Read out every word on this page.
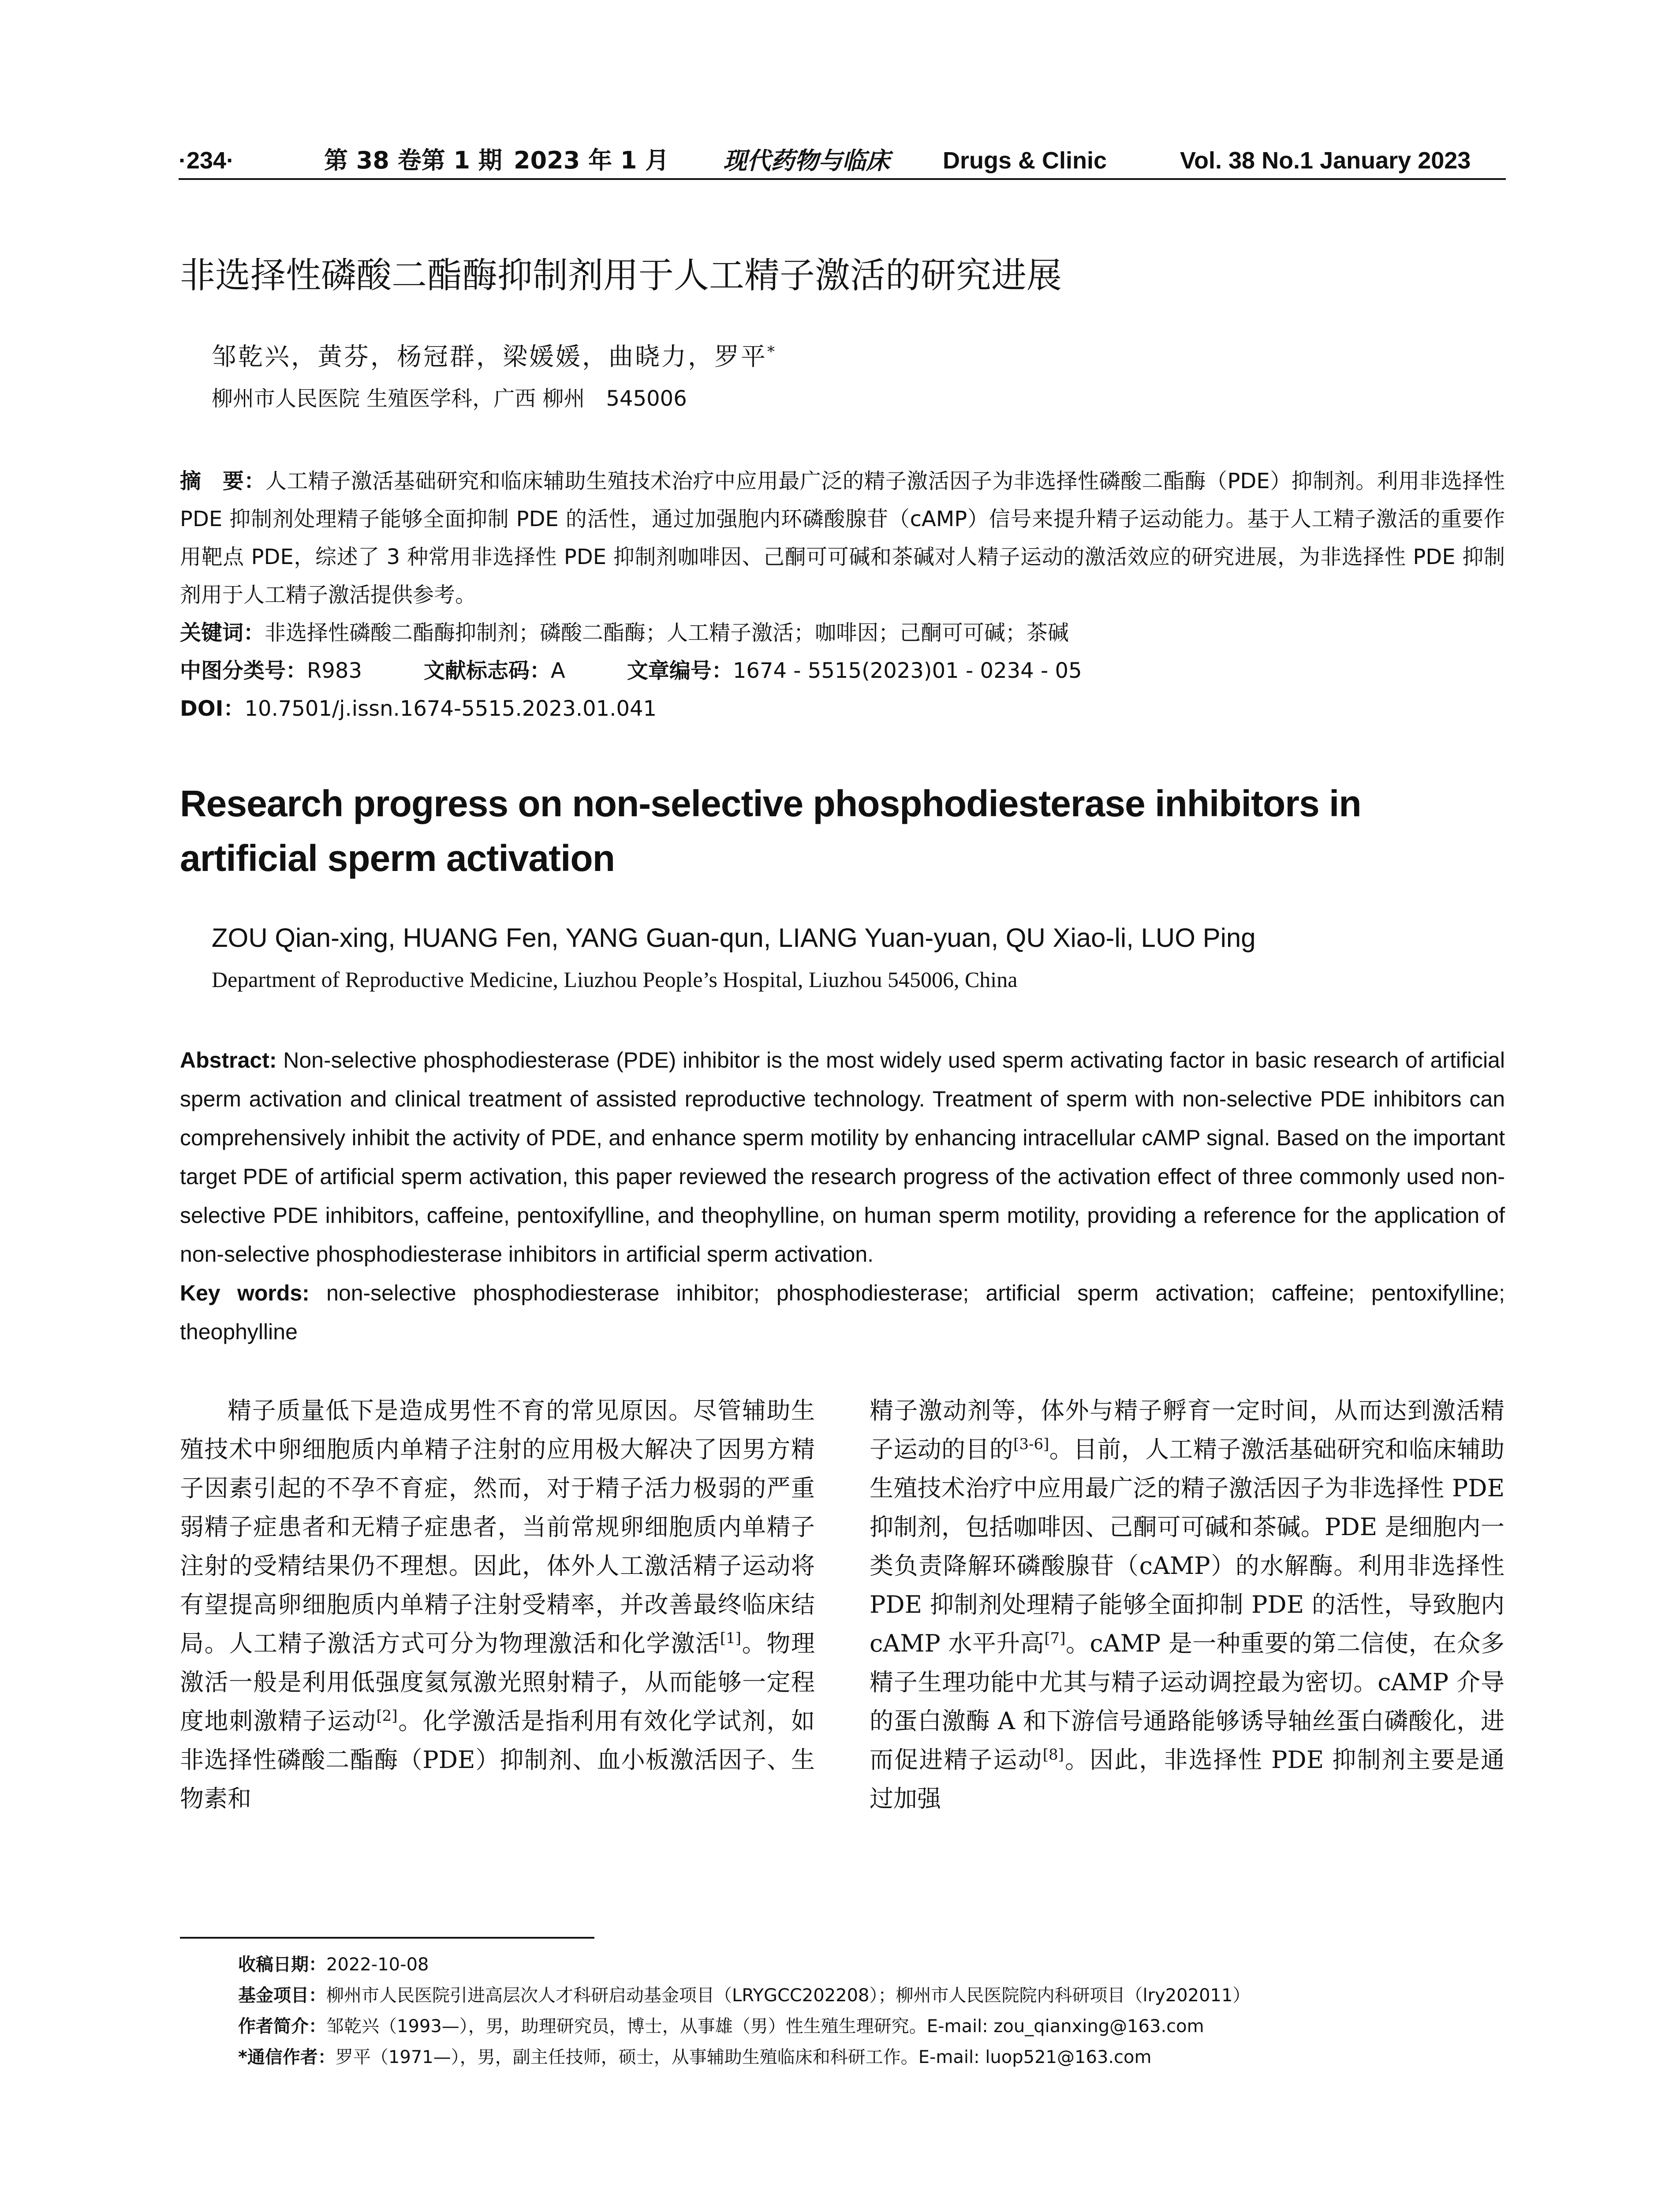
·234·	第 38 卷第 1 期 2023 年 1 月 现代药物与临床 Drugs & Clinic	Vol. 38 No.1 January 2023
非选择性磷酸二酯酶抑制剂用于人工精子激活的研究进展
邹乾兴，黄芬，杨冠群，梁媛媛，曲晓力，罗平*
柳州市人民医院 生殖医学科，广西 柳州　545006
摘　要：人工精子激活基础研究和临床辅助生殖技术治疗中应用最广泛的精子激活因子为非选择性磷酸二酯酶（PDE）抑制剂。利用非选择性 PDE 抑制剂处理精子能够全面抑制 PDE 的活性，通过加强胞内环磷酸腺苷（cAMP）信号来提升精子运动能力。基于人工精子激活的重要作用靶点 PDE，综述了 3 种常用非选择性 PDE 抑制剂咖啡因、己酮可可碱和茶碱对人精子运动的激活效应的研究进展，为非选择性 PDE 抑制剂用于人工精子激活提供参考。
关键词：非选择性磷酸二酯酶抑制剂；磷酸二酯酶；人工精子激活；咖啡因；己酮可可碱；茶碱
中图分类号：R983	文献标志码：A	文章编号：1674 - 5515(2023)01 - 0234 - 05
DOI：10.7501/j.issn.1674-5515.2023.01.041
Research progress on non-selective phosphodiesterase inhibitors in artificial sperm activation
ZOU Qian-xing, HUANG Fen, YANG Guan-qun, LIANG Yuan-yuan, QU Xiao-li, LUO Ping
Department of Reproductive Medicine, Liuzhou People’s Hospital, Liuzhou 545006, China
Abstract: Non-selective phosphodiesterase (PDE) inhibitor is the most widely used sperm activating factor in basic research of artificial sperm activation and clinical treatment of assisted reproductive technology. Treatment of sperm with non-selective PDE inhibitors can comprehensively inhibit the activity of PDE, and enhance sperm motility by enhancing intracellular cAMP signal. Based on the important target PDE of artificial sperm activation, this paper reviewed the research progress of the activation effect of three commonly used non-selective PDE inhibitors, caffeine, pentoxifylline, and theophylline, on human sperm motility, providing a reference for the application of non-selective phosphodiesterase inhibitors in artificial sperm activation.
Key words: non-selective phosphodiesterase inhibitor; phosphodiesterase; artificial sperm activation; caffeine; pentoxifylline; theophylline
精子质量低下是造成男性不育的常见原因。尽管辅助生殖技术中卵细胞质内单精子注射的应用极大解决了因男方精子因素引起的不孕不育症，然而，对于精子活力极弱的严重弱精子症患者和无精子症患者，当前常规卵细胞质内单精子注射的受精结果仍不理想。因此，体外人工激活精子运动将有望提高卵细胞质内单精子注射受精率，并改善最终临床结局。人工精子激活方式可分为物理激活和化学激活[1]。物理激活一般是利用低强度氦氖激光照射精子，从而能够一定程度地刺激精子运动[2]。化学激活是指利用有效化学试剂，如非选择性磷酸二酯酶（PDE）抑制剂、血小板激活因子、生物素和
精子激动剂等，体外与精子孵育一定时间，从而达到激活精子运动的目的[3-6]。目前，人工精子激活基础研究和临床辅助生殖技术治疗中应用最广泛的精子激活因子为非选择性 PDE 抑制剂，包括咖啡因、己酮可可碱和茶碱。PDE 是细胞内一类负责降解环磷酸腺苷（cAMP）的水解酶。利用非选择性 PDE 抑制剂处理精子能够全面抑制 PDE 的活性，导致胞内 cAMP 水平升高[7]。cAMP 是一种重要的第二信使，在众多精子生理功能中尤其与精子运动调控最为密切。cAMP 介导的蛋白激酶 A 和下游信号通路能够诱导轴丝蛋白磷酸化，进而促进精子运动[8]。因此，非选择性 PDE 抑制剂主要是通过加强
收稿日期：2022-10-08
基金项目：柳州市人民医院引进高层次人才科研启动基金项目（LRYGCC202208）；柳州市人民医院院内科研项目（lry202011）
作者简介：邹乾兴（1993—），男，助理研究员，博士，从事雄（男）性生殖生理研究。E-mail: zou_qianxing@163.com
*通信作者：罗平（1971—），男，副主任技师，硕士，从事辅助生殖临床和科研工作。E-mail: luop521@163.com
